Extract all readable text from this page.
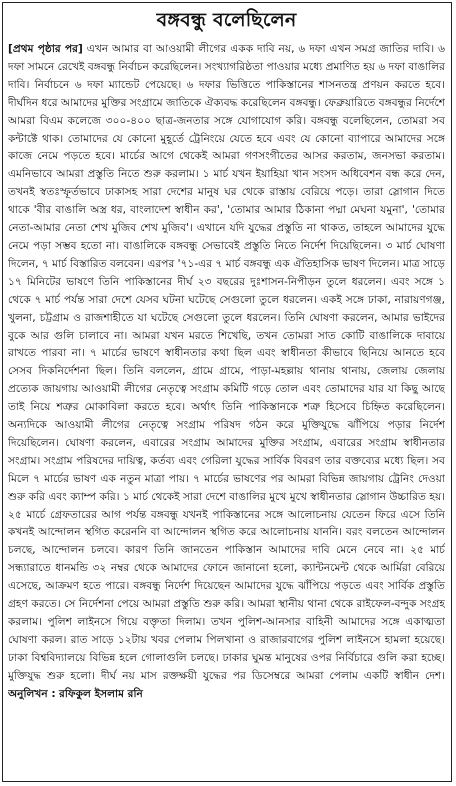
বঙ্গবন্ধু বলেছিলেন

[প্রথম পৃষ্ঠার পর] এখন আমার বা আওয়ামী লীগের একক দাবি নয়, ৬ দফা এখন সমগ্র জাতির দাবি। ৬ দফা সামনে রেখেই বঙ্গবন্ধু নির্বাচন করেছিলেন। সংখ্যাগরিষ্ঠতা পাওয়ার মধ্যে প্রমাণিত হয় ৬ দফা বাঙালির দাবি। নির্বাচনে ৬ দফা ম্যান্ডেট পেয়েছে। ৬ দফার ভিত্তিতে পাকিস্তানের শাসনতন্ত্র প্রণয়ন করতে হবে। দীর্ঘদিন ধরে আমাদের মুক্তির সংগ্রামে জাতিকে ঐক্যবদ্ধ করেছিলেন বঙ্গবন্ধু। ফেব্রুয়ারিতে বঙ্গবন্ধুর নির্দেশে আমরা বিএম কলেজে ৩০০-৪০০ ছাত্র-জনতার সঙ্গে যোগাযোগ করি। বঙ্গবন্ধু বলেছিলেন, তোমরা সব কন্টাক্টে থাক। তোমাদের যে কোনো মুহূর্তে ট্রেনিংয়ে যেতে হবে এবং যে কোনো ব্যাপারে আমাদের সঙ্গে কাজে নেমে পড়তে হবে। মার্চের আগে থেকেই আমরা গণসংগীতের আসর করতাম, জনসভা করতাম। এমনিভাবে আমরা প্রস্তুতি নিতে শুরু করলাম। ১ মার্চ যখন ইয়াহিয়া খান সংসদ অধিবেশন বন্ধ করে দেন, তখনই স্বতঃস্ফূর্তভাবে ঢাকাসহ সারা দেশের মানুষ ঘর থেকে রাস্তায় বেরিয়ে পড়ে। তারা স্লোগান দিতে থাকে 'বীর বাঙালি অস্ত্র ধর, বাংলাদেশ স্বাধীন কর', 'তোমার আমার ঠিকানা পদ্মা মেঘনা যমুনা', 'তোমার নেতা-আমার নেতা শেখ মুজিব শেখ মুজিব'। এখানে যদি যুদ্ধের প্রস্তুতি না থাকত, তাহলে আমাদের যুদ্ধে নেমে পড়া সম্ভব হতো না। বাঙালিকে বঙ্গবন্ধু সেভাবেই প্রস্তুতি নিতে নির্দেশ দিয়েছিলেন। ৩ মার্চ ঘোষণা দিলেন, ৭ মার্চ বিস্তারিত বলবেন। এরপর '৭১-এর ৭ মার্চ বঙ্গবন্ধু এক ঐতিহাসিক ভাষণ দিলেন। মাত্র সাড়ে ১৭ মিনিটের ভাষণে তিনি পাকিস্তানের দীর্ঘ ২৩ বছরের দুঃশাসন-নিপীড়ন তুলে ধরলেন। এবং সঙ্গে ১ থেকে ৭ মার্চ পর্যন্ত সারা দেশে যেসব ঘটনা ঘটেছে সেগুলো তুলে ধরলেন। একই সঙ্গে ঢাকা, নারায়ণগঞ্জ, খুলনা, চট্টগ্রাম ও রাজশাহীতে যা ঘটেছে সেগুলো তুলে ধরলেন। তিনি ঘোষণা করলেন, আমার ভাইদের বুকে আর গুলি চালাবে না। আমরা যখন মরতে শিখেছি, তখন তোমরা সাত কোটি বাঙালিকে দাবায়ে রাখতে পারবা না। ৭ মার্চের ভাষণে স্বাধীনতার কথা ছিল এবং স্বাধীনতা কীভাবে ছিনিয়ে আনতে হবে সেসব দিকনির্দেশনা ছিল। তিনি বললেন, গ্রামে গ্রামে, পাড়া-মহল্লায় থানায় থানায়, জেলায় জেলায় প্রত্যেক জায়গায় আওয়ামী লীগের নেতৃত্বে সংগ্রাম কমিটি গড়ে তোল এবং তোমাদের যার যা কিছু আছে তাই নিয়ে শত্রুর মোকাবিলা করতে হবে। অর্থাৎ তিনি পাকিস্তানকে শত্রু হিসেবে চিহ্নিত করেছিলেন। অন্যদিকে আওয়ামী লীগের নেতৃত্বে সংগ্রাম পরিষদ গঠন করে মুক্তিযুদ্ধে ঝাঁপিয়ে পড়ার নির্দেশ দিয়েছিলেন। ঘোষণা করলেন, এবারের সংগ্রাম আমাদের মুক্তির সংগ্রাম, এবারের সংগ্রাম স্বাধীনতার সংগ্রাম। সংগ্রাম পরিষদের দায়িত্ব, কর্তব্য এবং গেরিলা যুদ্ধের সার্বিক বিবরণ তার বক্তব্যের মধ্যে ছিল। সব মিলে ৭ মার্চের ভাষণ এক নতুন মাত্রা পায়। ৭ মার্চের ভাষণের পর আমরা বিভিন্ন জায়গায় ট্রেনিং দেওয়া শুরু করি এবং ক্যাম্প করি। ১ মার্চ থেকেই সারা দেশে বাঙালির মুখে মুখে স্বাধীনতার স্লোগান উচ্চারিত হয়। ২৫ মার্চে গ্রেফতারের আগ পর্যন্ত বঙ্গবন্ধু যখনই পাকিস্তানের সঙ্গে আলোচনায় যেতেন ফিরে এসে তিনি কখনই আন্দোলন স্থগিত করেননি বা আন্দোলন স্থগিত করে আলোচনায় যাননি। বরং বলতেন আন্দোলন চলছে, আন্দোলন চলবে। কারণ তিনি জানতেন পাকিস্তান আমাদের দাবি মেনে নেবে না। ২৫ মার্চ সন্ধ্যারাতে ধানমন্ডি ৩২ নম্বর থেকে আমাদের ফোনে জানানো হলো, ক্যান্টনমেন্ট থেকে আর্মিরা বেরিয়ে এসেছে, আক্রমণ হতে পারে। বঙ্গবন্ধু নির্দেশ দিয়েছেন আমাদের যুদ্ধে ঝাঁপিয়ে পড়তে এবং সার্বিক প্রস্তুতি গ্রহণ করতে। সে নির্দেশনা পেয়ে আমরা প্রস্তুতি শুরু করি। আমরা স্থানীয় থানা থেকে রাইফেল-বন্দুক সংগ্রহ করলাম। পুলিশ লাইনসে গিয়ে বক্তৃতা দিলাম। তখন পুলিশ-আনসার বাহিনী আমাদের সঙ্গে একাত্মতা ঘোষণা করল। রাত সাড়ে ১২টায় খবর পেলাম পিলখানা ও রাজারবাগের পুলিশ লাইনসে হামলা হয়েছে। ঢাকা বিশ্ববিদ্যালয়ে বিভিন্ন হলে গোলাগুলি চলছে। ঢাকার ঘুমন্ত মানুষের ওপর নির্বিচারে গুলি করা হচ্ছে। মুক্তিযুদ্ধ শুরু হলো। দীর্ঘ নয় মাস রক্তক্ষয়ী যুদ্ধের পর ডিসেম্বরে আমরা পেলাম একটি স্বাধীন দেশ। অনুলিখন : রফিকুল ইসলাম রনি
